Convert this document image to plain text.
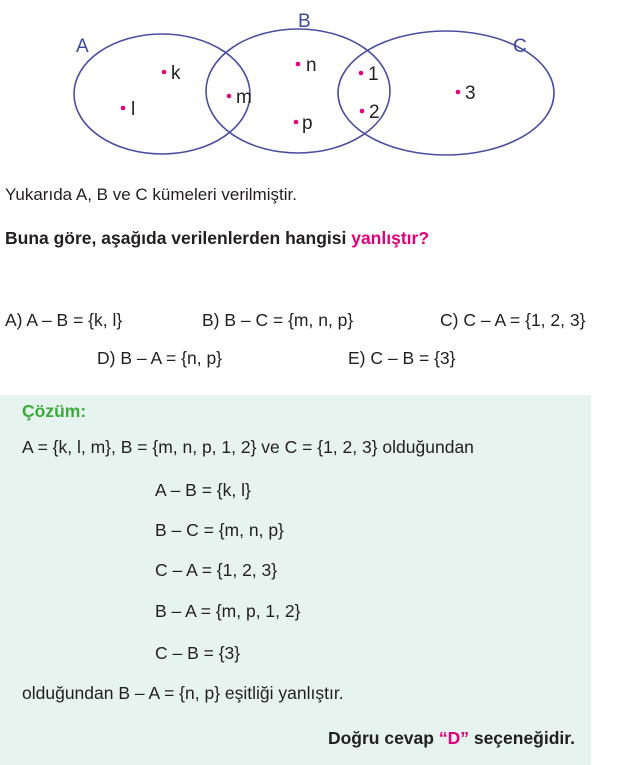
A
B
C
k
l
m
n
p
1
2
3
Yukarıda A, B ve C kümeleri verilmiştir.
Buna göre, aşağıda verilenlerden hangisi yanlıştır?
A) A – B = {k, l}	B) B – C = {m, n, p}	C) C – A = {1, 2, 3}
D) B – A = {n, p}	E) C – B = {3}
Çözüm:
A = {k, l, m}, B = {m, n, p, 1, 2} ve C = {1, 2, 3} olduğundan
A – B = {k, l}
B – C = {m, n, p}
C – A = {1, 2, 3}
B – A = {m, p, 1, 2}
C – B = {3}
olduğundan B – A = {n, p} eşitliği yanlıştır.
Doğru cevap “D” seçeneğidir.
